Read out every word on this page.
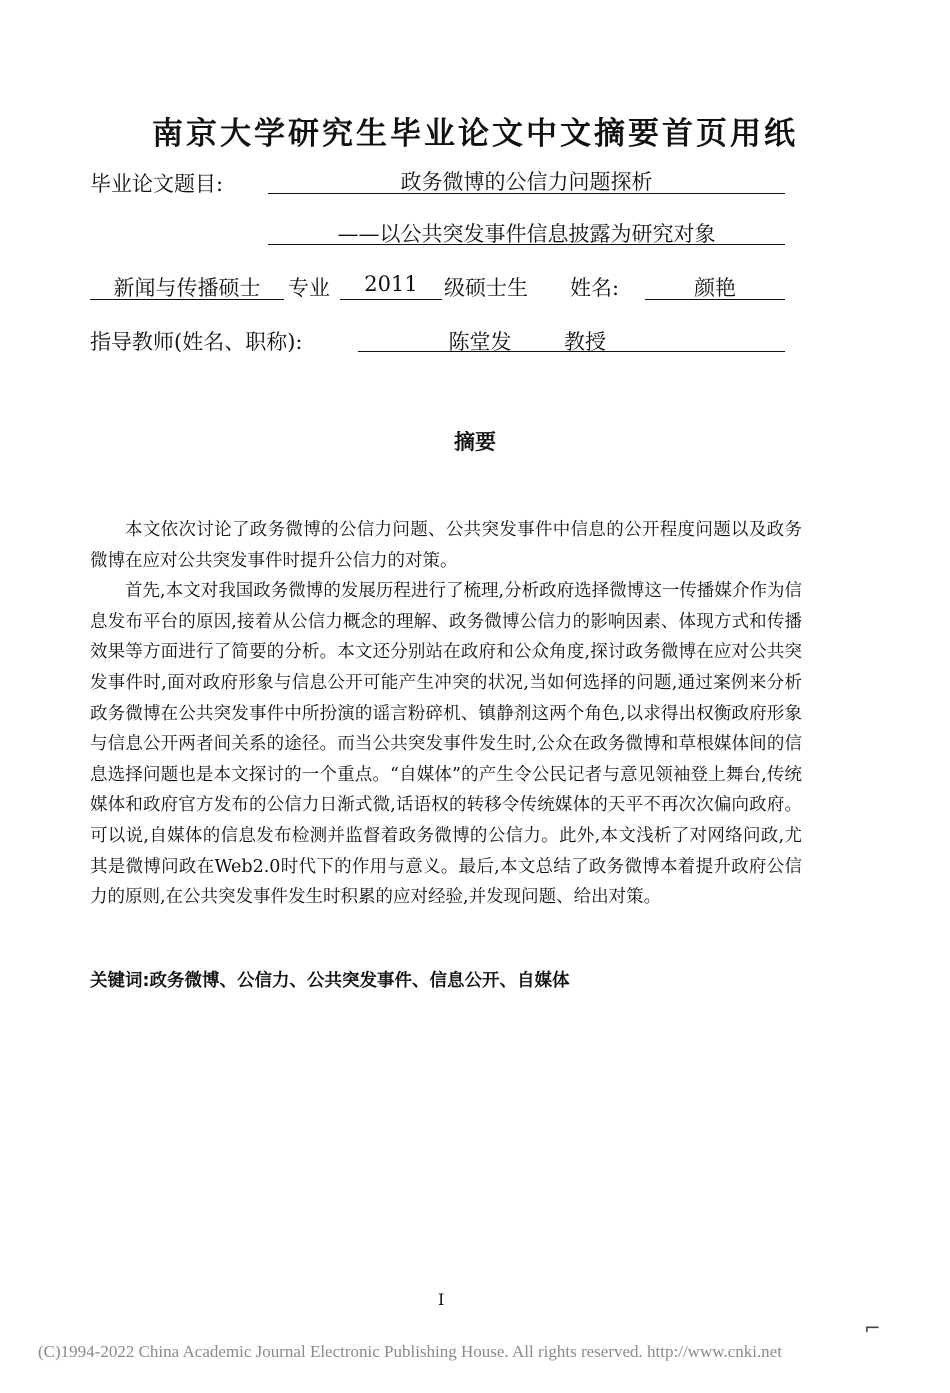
南京大学研究生毕业论文中文摘要首页用纸
毕业论文题目:	政务微博的公信力问题探析
——以公共突发事件信息披露为研究对象
新闻与传播硕士	专业	2011	级硕士生 姓名:	颜艳
指导教师(姓名、职称):	陈堂发	教授
摘要

本文依次讨论了政务微博的公信力问题、公共突发事件中信息的公开程度问题以及政务微博在应对公共突发事件时提升公信力的对策。

首先,本文对我国政务微博的发展历程进行了梳理,分析政府选择微博这一传播媒介作为信息发布平台的原因,接着从公信力概念的理解、政务微博公信力的影响因素、体现方式和传播效果等方面进行了简要的分析。本文还分别站在政府和公众角度,探讨政务微博在应对公共突发事件时,面对政府形象与信息公开可能产生冲突的状况,当如何选择的问题,通过案例来分析政务微博在公共突发事件中所扮演的谣言粉碎机、镇静剂这两个角色,以求得出权衡政府形象与信息公开两者间关系的途径。而当公共突发事件发生时,公众在政务微博和草根媒体间的信息选择问题也是本文探讨的一个重点。“自媒体”的产生令公民记者与意见领袖登上舞台,传统媒体和政府官方发布的公信力日渐式微,话语权的转移令传统媒体的天平不再次次偏向政府。可以说,自媒体的信息发布检测并监督着政务微博的公信力。此外,本文浅析了对网络问政,尤其是微博问政在Web2.0时代下的作用与意义。最后,本文总结了政务微博本着提升政府公信力的原则,在公共突发事件发生时积累的应对经验,并发现问题、给出对策。

关键词:政务微博、公信力、公共突发事件、信息公开、自媒体
I
⌐
(C)1994-2022 China Academic Journal Electronic Publishing House. All rights reserved. http://www.cnki.net
